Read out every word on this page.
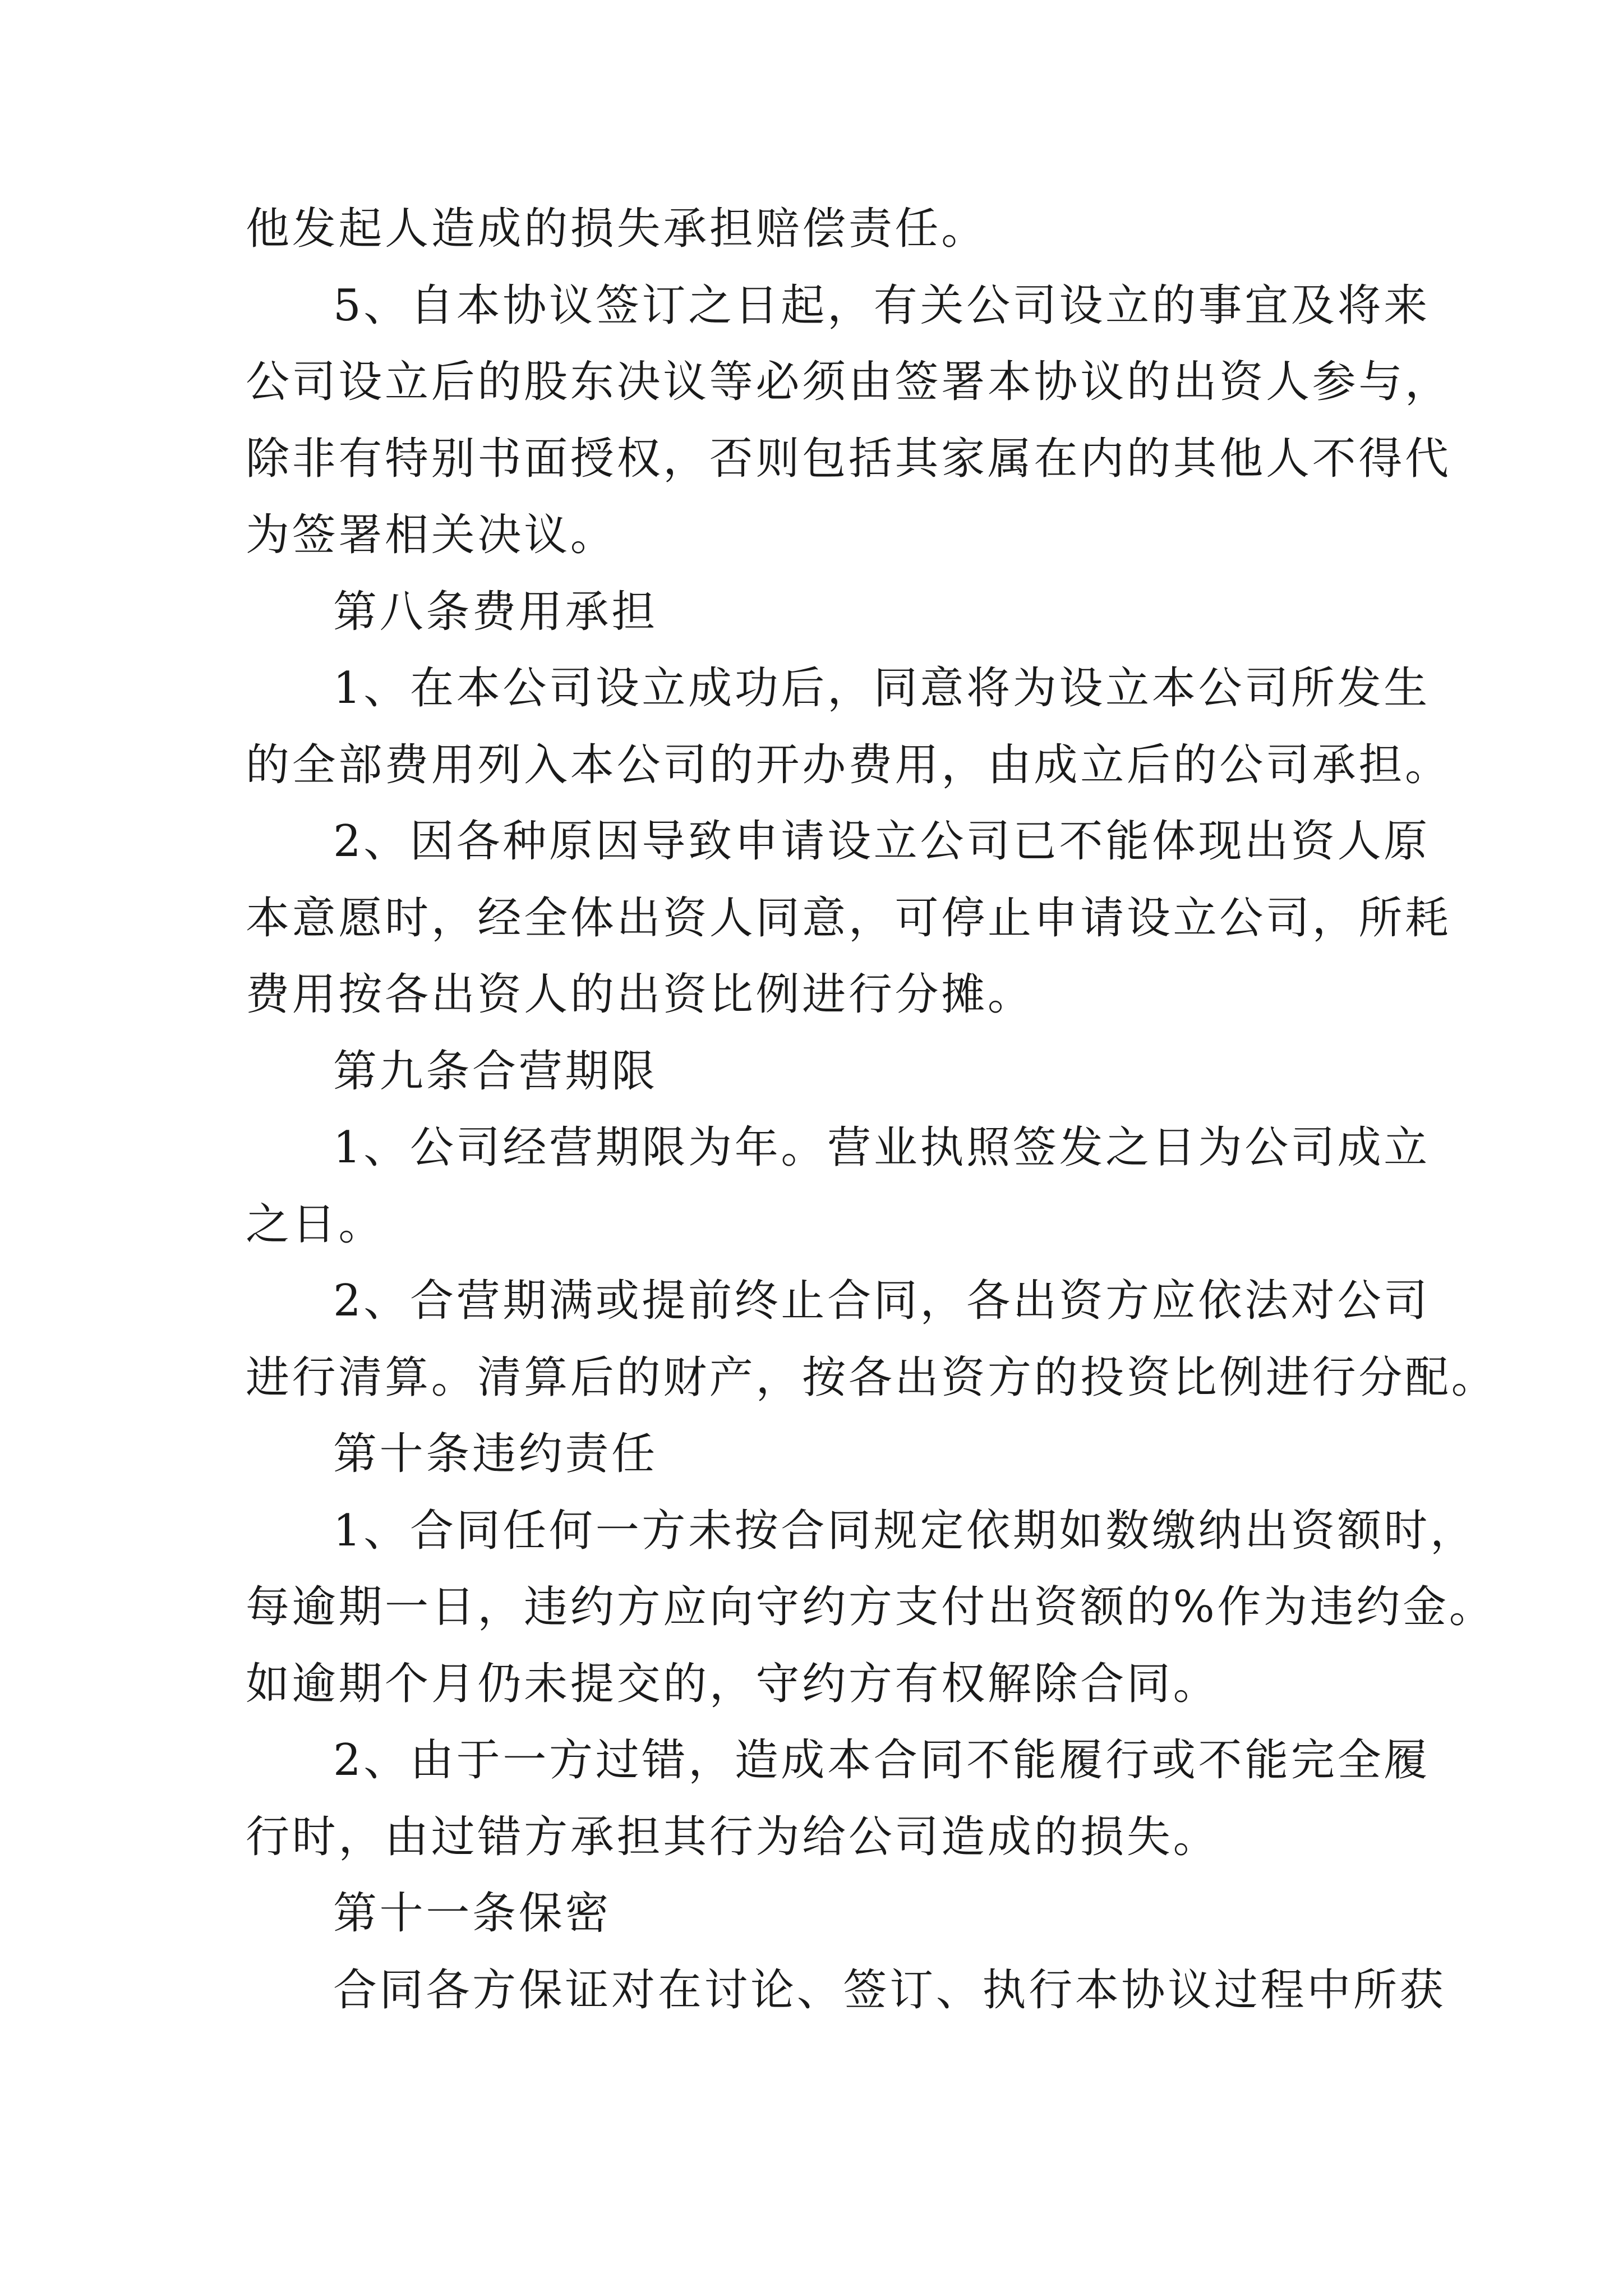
他发起人造成的损失承担赔偿责任。
5、自本协议签订之日起，有关公司设立的事宜及将来
公司设立后的股东决议等必须由签署本协议的出资人参与，
除非有特别书面授权，否则包括其家属在内的其他人不得代
为签署相关决议。
第八条费用承担
1、在本公司设立成功后，同意将为设立本公司所发生
的全部费用列入本公司的开办费用，由成立后的公司承担。
2、因各种原因导致申请设立公司已不能体现出资人原
本意愿时，经全体出资人同意，可停止申请设立公司，所耗
费用按各出资人的出资比例进行分摊。
第九条合营期限
1、公司经营期限为年。营业执照签发之日为公司成立
之日。
2、合营期满或提前终止合同，各出资方应依法对公司
进行清算。清算后的财产，按各出资方的投资比例进行分配。
第十条违约责任
1、合同任何一方未按合同规定依期如数缴纳出资额时，
每逾期一日，违约方应向守约方支付出资额的%作为违约金。
如逾期个月仍未提交的，守约方有权解除合同。
2、由于一方过错，造成本合同不能履行或不能完全履
行时，由过错方承担其行为给公司造成的损失。
第十一条保密
合同各方保证对在讨论、签订、执行本协议过程中所获
